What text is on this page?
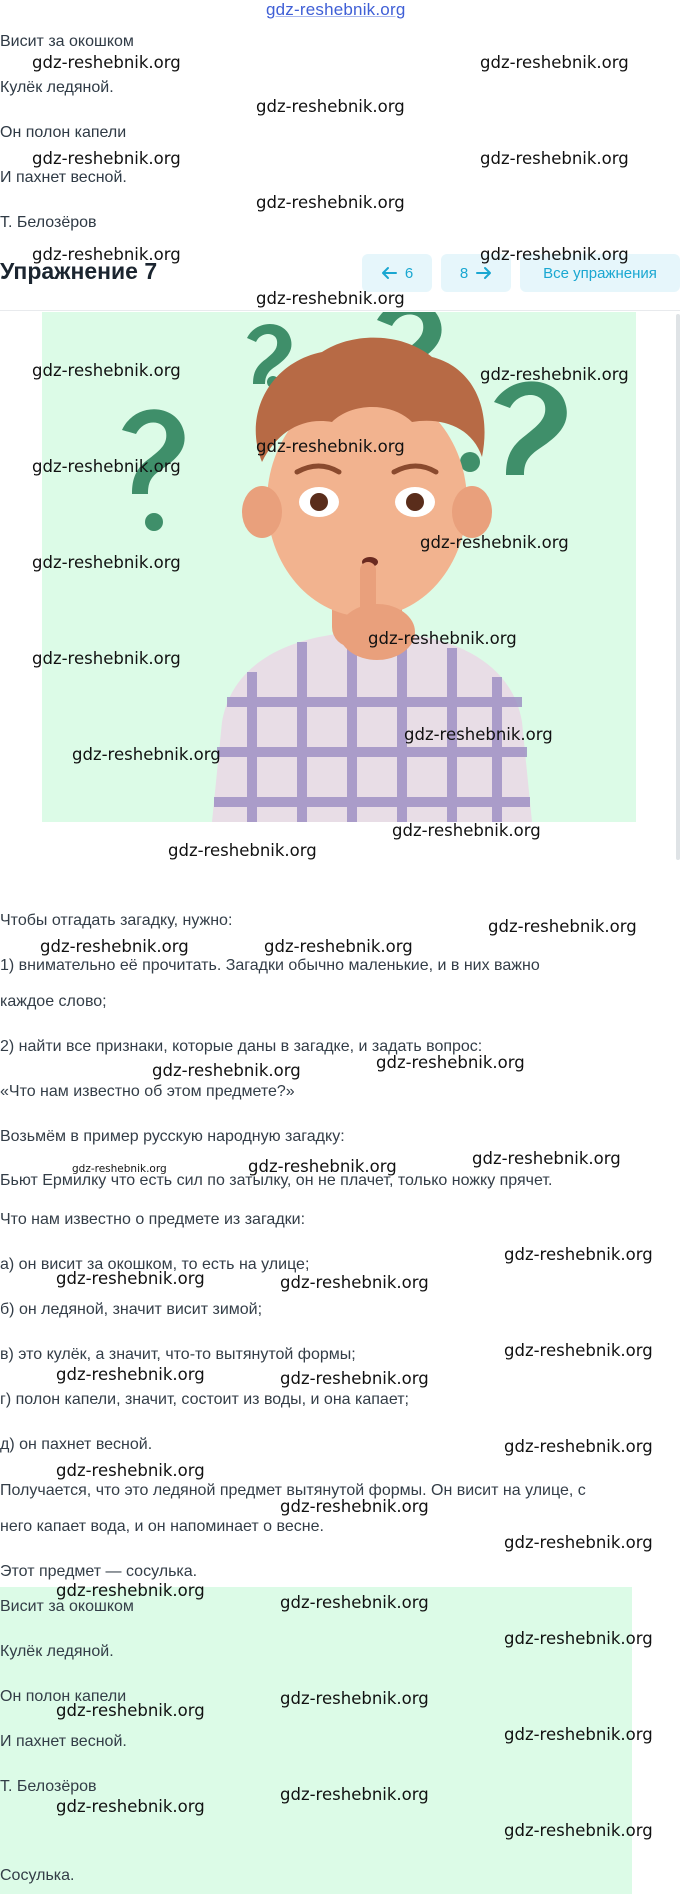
gdz-reshebnik.org
Висит за окошком
Кулёк ледяной.
Он полон капели
И пахнет весной.
Т. Белозёров
Упражнение 7	6	8	Все упражнения
Чтобы отгадать загадку, нужно:
1) внимательно её прочитать. Загадки обычно маленькие, и в них важно
каждое слово;
2) найти все признаки, которые даны в загадке, и задать вопрос:
«Что нам известно об этом предмете?»
Возьмём в пример русскую народную загадку:
Бьют Ермилку что есть сил по затылку, он не плачет, только ножку прячет.
Что нам известно о предмете из загадки:
а) он висит за окошком, то есть на улице;
б) он ледяной, значит висит зимой;
в) это кулёк, а значит, что-то вытянутой формы;
г) полон капели, значит, состоит из воды, и она капает;
д) он пахнет весной.
Получается, что это ледяной предмет вытянутой формы. Он висит на улице, с
него капает вода, и он напоминает о весне.
Этот предмет — сосулька.
Висит за окошком
Кулёк ледяной.
Он полон капели
И пахнет весной.
Т. Белозёров
Сосулька.
gdz-reshebnik.org	gdz-reshebnik.org
gdz-reshebnik.org
gdz-reshebnik.org	gdz-reshebnik.org
gdz-reshebnik.org
gdz-reshebnik.org	gdz-reshebnik.org
gdz-reshebnik.org
gdz-reshebnik.org	gdz-reshebnik.org
gdz-reshebnik.org
gdz-reshebnik.org
gdz-reshebnik.org
gdz-reshebnik.org
gdz-reshebnik.org
gdz-reshebnik.org
gdz-reshebnik.org
gdz-reshebnik.org
gdz-reshebnik.org
gdz-reshebnik.org
gdz-reshebnik.org
gdz-reshebnik.org	gdz-reshebnik.org
gdz-reshebnik.org
gdz-reshebnik.org
gdz-reshebnik.org
gdz-reshebnik.org	gdz-reshebnik.org
gdz-reshebnik.org
gdz-reshebnik.org	gdz-reshebnik.org
gdz-reshebnik.org
gdz-reshebnik.org	gdz-reshebnik.org
gdz-reshebnik.org
gdz-reshebnik.org
gdz-reshebnik.org
gdz-reshebnik.org
gdz-reshebnik.org
gdz-reshebnik.org
gdz-reshebnik.org
gdz-reshebnik.org
gdz-reshebnik.org
gdz-reshebnik.org
gdz-reshebnik.org
gdz-reshebnik.org
gdz-reshebnik.org
